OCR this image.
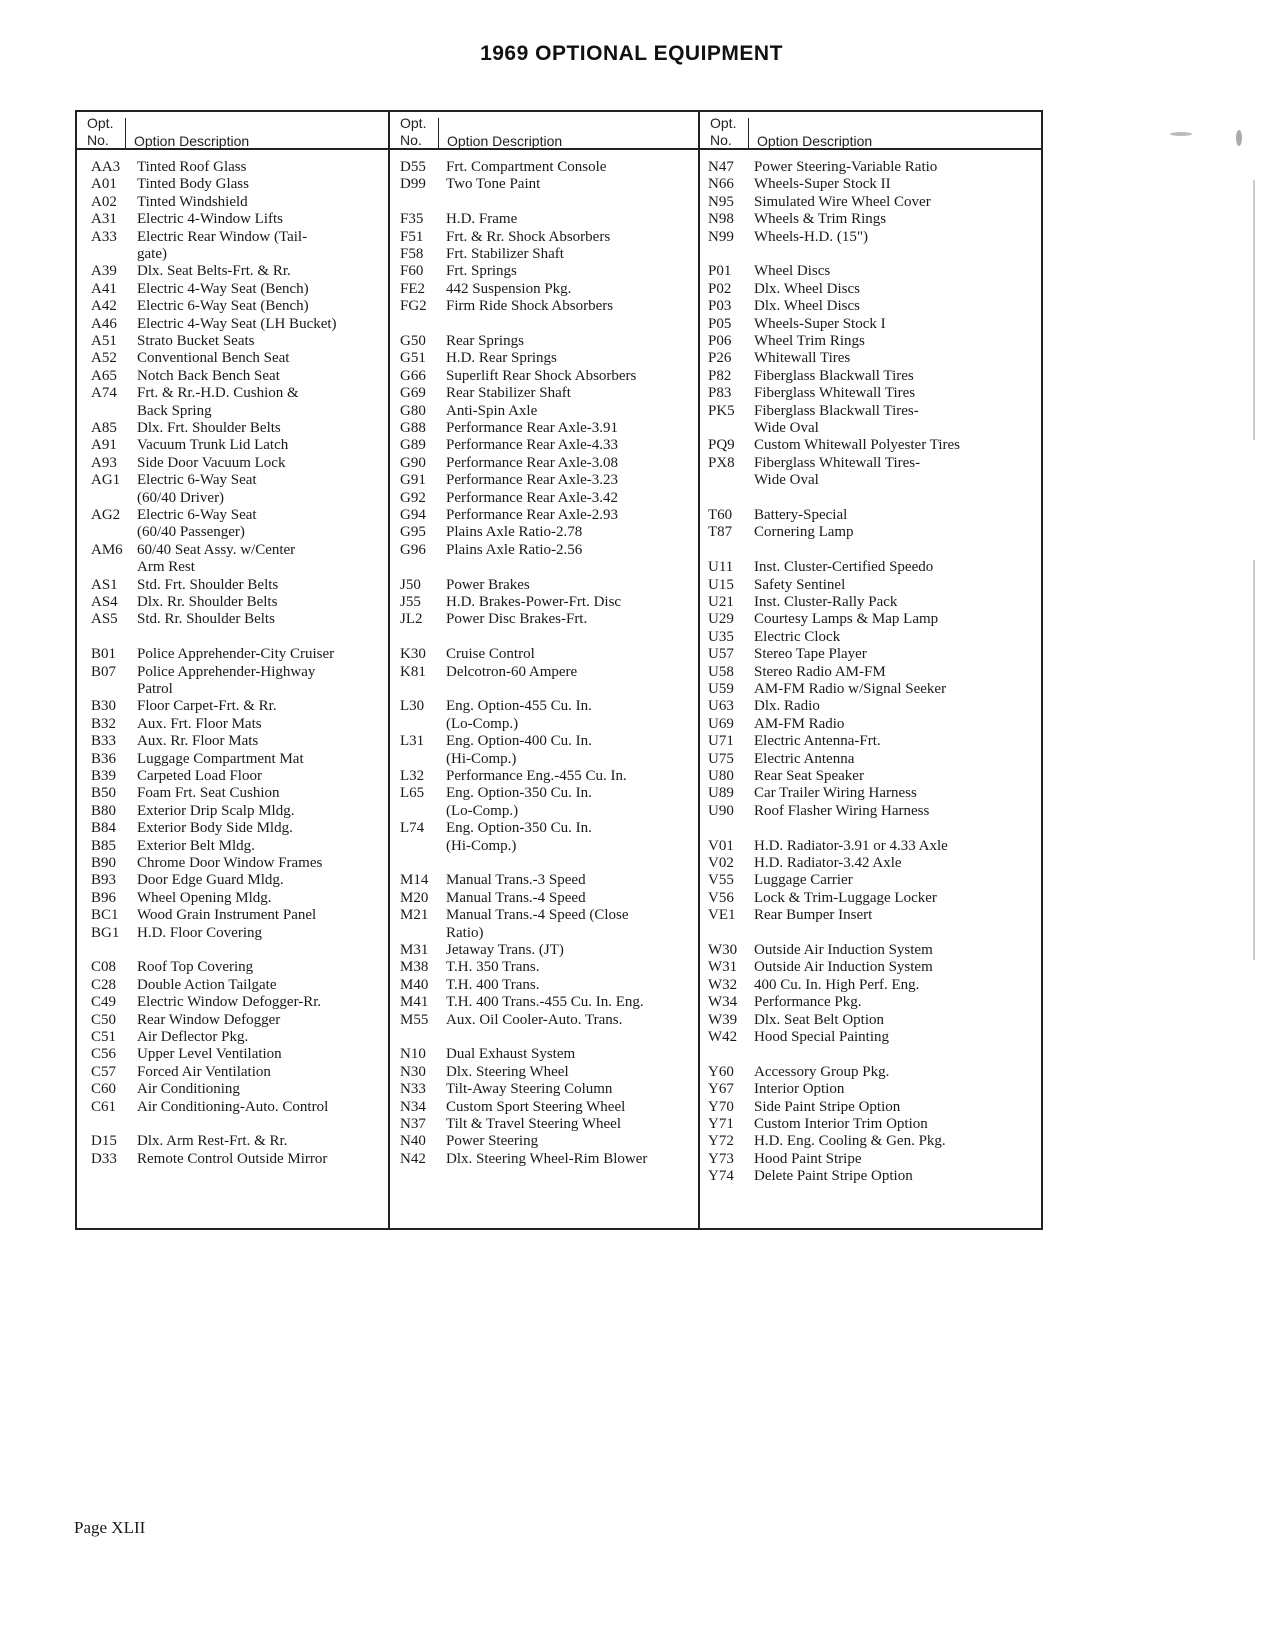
1969 OPTIONAL EQUIPMENT
Opt.
No.	Option Description
Opt.
No.	Option Description
Opt.
No.	Option Description
AA3 Tinted Roof Glass
A01 Tinted Body Glass
A02 Tinted Windshield
A31 Electric 4-Window Lifts
A33 Electric Rear Window (Tail-
gate)
A39 Dlx. Seat Belts-Frt. & Rr.
A41 Electric 4-Way Seat (Bench)
A42 Electric 6-Way Seat (Bench)
A46 Electric 4-Way Seat (LH Bucket)
A51 Strato Bucket Seats
A52 Conventional Bench Seat
A65 Notch Back Bench Seat
A74 Frt. & Rr.-H.D. Cushion &
Back Spring
A85 Dlx. Frt. Shoulder Belts
A91 Vacuum Trunk Lid Latch
A93 Side Door Vacuum Lock
AG1 Electric 6-Way Seat
(60/40 Driver)
AG2 Electric 6-Way Seat
(60/40 Passenger)
AM6 60/40 Seat Assy. w/Center
Arm Rest
AS1 Std. Frt. Shoulder Belts
AS4 Dlx. Rr. Shoulder Belts
AS5 Std. Rr. Shoulder Belts
B01 Police Apprehender-City Cruiser
B07 Police Apprehender-Highway
Patrol
B30 Floor Carpet-Frt. & Rr.
B32 Aux. Frt. Floor Mats
B33 Aux. Rr. Floor Mats
B36 Luggage Compartment Mat
B39 Carpeted Load Floor
B50 Foam Frt. Seat Cushion
B80 Exterior Drip Scalp Mldg.
B84 Exterior Body Side Mldg.
B85 Exterior Belt Mldg.
B90 Chrome Door Window Frames
B93 Door Edge Guard Mldg.
B96 Wheel Opening Mldg.
BC1 Wood Grain Instrument Panel
BG1 H.D. Floor Covering
C08 Roof Top Covering
C28 Double Action Tailgate
C49 Electric Window Defogger-Rr.
C50 Rear Window Defogger
C51 Air Deflector Pkg.
C56 Upper Level Ventilation
C57 Forced Air Ventilation
C60 Air Conditioning
C61 Air Conditioning-Auto. Control
D15 Dlx. Arm Rest-Frt. & Rr.
D33 Remote Control Outside Mirror
D55 Frt. Compartment Console
D99 Two Tone Paint
F35 H.D. Frame
F51 Frt. & Rr. Shock Absorbers
F58 Frt. Stabilizer Shaft
F60 Frt. Springs
FE2 442 Suspension Pkg.
FG2 Firm Ride Shock Absorbers
G50 Rear Springs
G51 H.D. Rear Springs
G66 Superlift Rear Shock Absorbers
G69 Rear Stabilizer Shaft
G80 Anti-Spin Axle
G88 Performance Rear Axle-3.91
G89 Performance Rear Axle-4.33
G90 Performance Rear Axle-3.08
G91 Performance Rear Axle-3.23
G92 Performance Rear Axle-3.42
G94 Performance Rear Axle-2.93
G95 Plains Axle Ratio-2.78
G96 Plains Axle Ratio-2.56
J50 Power Brakes
J55 H.D. Brakes-Power-Frt. Disc
JL2 Power Disc Brakes-Frt.
K30 Cruise Control
K81 Delcotron-60 Ampere
L30 Eng. Option-455 Cu. In.
(Lo-Comp.)
L31 Eng. Option-400 Cu. In.
(Hi-Comp.)
L32 Performance Eng.-455 Cu. In.
L65 Eng. Option-350 Cu. In.
(Lo-Comp.)
L74 Eng. Option-350 Cu. In.
(Hi-Comp.)
M14 Manual Trans.-3 Speed
M20 Manual Trans.-4 Speed
M21 Manual Trans.-4 Speed (Close
Ratio)
M31 Jetaway Trans. (JT)
M38 T.H. 350 Trans.
M40 T.H. 400 Trans.
M41 T.H. 400 Trans.-455 Cu. In. Eng.
M55 Aux. Oil Cooler-Auto. Trans.
N10 Dual Exhaust System
N30 Dlx. Steering Wheel
N33 Tilt-Away Steering Column
N34 Custom Sport Steering Wheel
N37 Tilt & Travel Steering Wheel
N40 Power Steering
N42 Dlx. Steering Wheel-Rim Blower
N47 Power Steering-Variable Ratio
N66 Wheels-Super Stock II
N95 Simulated Wire Wheel Cover
N98 Wheels & Trim Rings
N99 Wheels-H.D. (15")
P01 Wheel Discs
P02 Dlx. Wheel Discs
P03 Dlx. Wheel Discs
P05 Wheels-Super Stock I
P06 Wheel Trim Rings
P26 Whitewall Tires
P82 Fiberglass Blackwall Tires
P83 Fiberglass Whitewall Tires
PK5 Fiberglass Blackwall Tires-
Wide Oval
PQ9 Custom Whitewall Polyester Tires
PX8 Fiberglass Whitewall Tires-
Wide Oval
T60 Battery-Special
T87 Cornering Lamp
U11 Inst. Cluster-Certified Speedo
U15 Safety Sentinel
U21 Inst. Cluster-Rally Pack
U29 Courtesy Lamps & Map Lamp
U35 Electric Clock
U57 Stereo Tape Player
U58 Stereo Radio AM-FM
U59 AM-FM Radio w/Signal Seeker
U63 Dlx. Radio
U69 AM-FM Radio
U71 Electric Antenna-Frt.
U75 Electric Antenna
U80 Rear Seat Speaker
U89 Car Trailer Wiring Harness
U90 Roof Flasher Wiring Harness
V01 H.D. Radiator-3.91 or 4.33 Axle
V02 H.D. Radiator-3.42 Axle
V55 Luggage Carrier
V56 Lock & Trim-Luggage Locker
VE1 Rear Bumper Insert
W30 Outside Air Induction System
W31 Outside Air Induction System
W32 400 Cu. In. High Perf. Eng.
W34 Performance Pkg.
W39 Dlx. Seat Belt Option
W42 Hood Special Painting
Y60 Accessory Group Pkg.
Y67 Interior Option
Y70 Side Paint Stripe Option
Y71 Custom Interior Trim Option
Y72 H.D. Eng. Cooling & Gen. Pkg.
Y73 Hood Paint Stripe
Y74 Delete Paint Stripe Option
Page XLII
